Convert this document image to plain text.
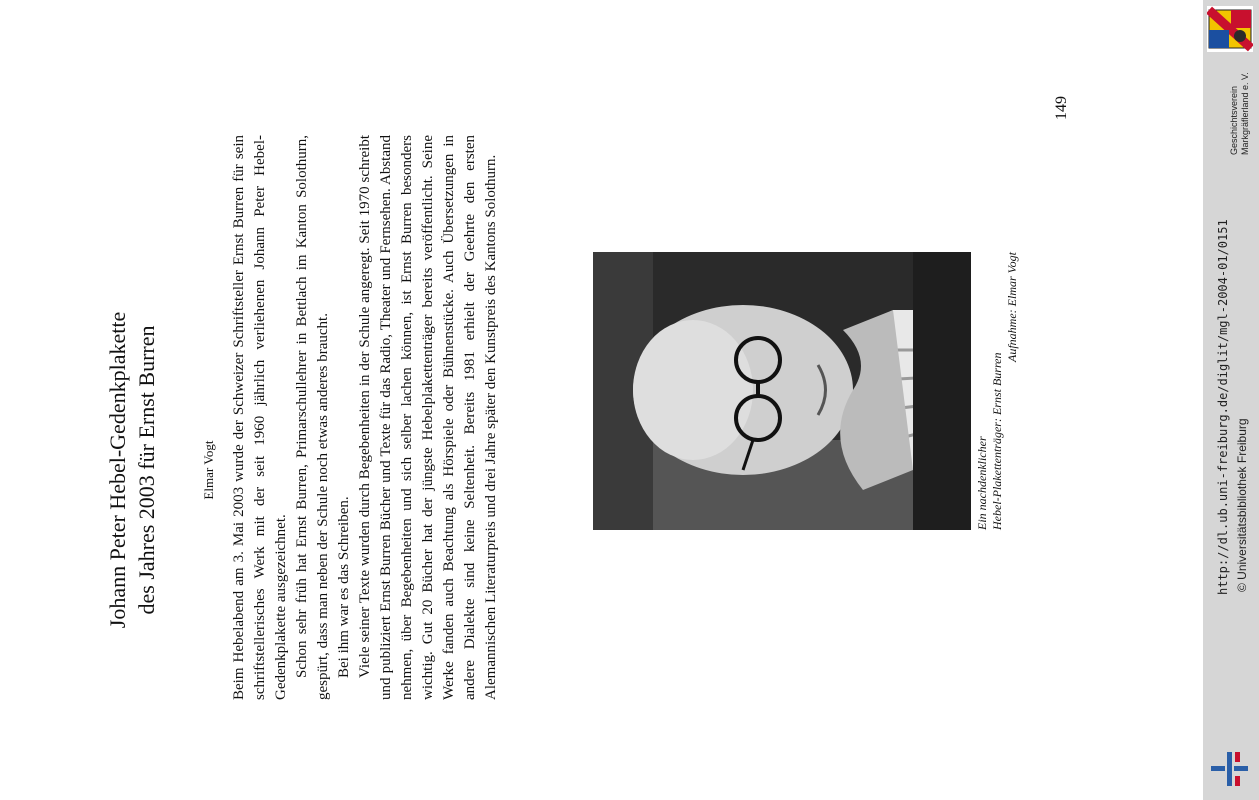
Johann Peter Hebel-Gedenkplakette des Jahres 2003 für Ernst Burren	Elmar Vogt Beim Hebelabend am 3. Mai 2003 wurde der Schweizer Schriftsteller Ernst Burren für sein schriftstellerisches Werk mit der seit 1960 jährlich verliehenen Johann Peter Hebel-Gedenkplakette ausgezeichnet. Schon sehr früh hat Ernst Burren, Primarschullehrer in Bettlach im Kanton Solothurn, gespürt, dass man neben der Schule noch etwas anderes braucht. Bei ihm war es das Schreiben. Viele seiner Texte wurden durch Begebenheiten in der Schule angeregt. Seit 1970 schreibt und publiziert Ernst Burren Bücher und Texte für das Radio, Theater und Fernsehen. Abstand nehmen, über Begebenheiten und sich selber lachen können, ist Ernst Burren besonders wichtig. Gut 20 Bücher hat der jüngste Hebelplakettenträger bereits veröffentlicht. Seine Werke fanden auch Beachtung als Hörspiele oder Bühnenstücke. Auch Übersetzungen in andere Dialekte sind keine Seltenheit. Bereits 1981 erhielt der Geehrte den ersten Alemannischen Literaturpreis und drei Jahre später den Kunstpreis des Kantons Solothurn.	Ein nachdenklicher Hebel-Plakettenträger: Ernst Burren
Aufnahme: Elmar Vogt
149
http://dl.ub.uni-freiburg.de/diglit/mgl-2004-01/0151 © Universitätsbibliothek Freiburg
Geschichtsverein Markgräflerland e. V.
